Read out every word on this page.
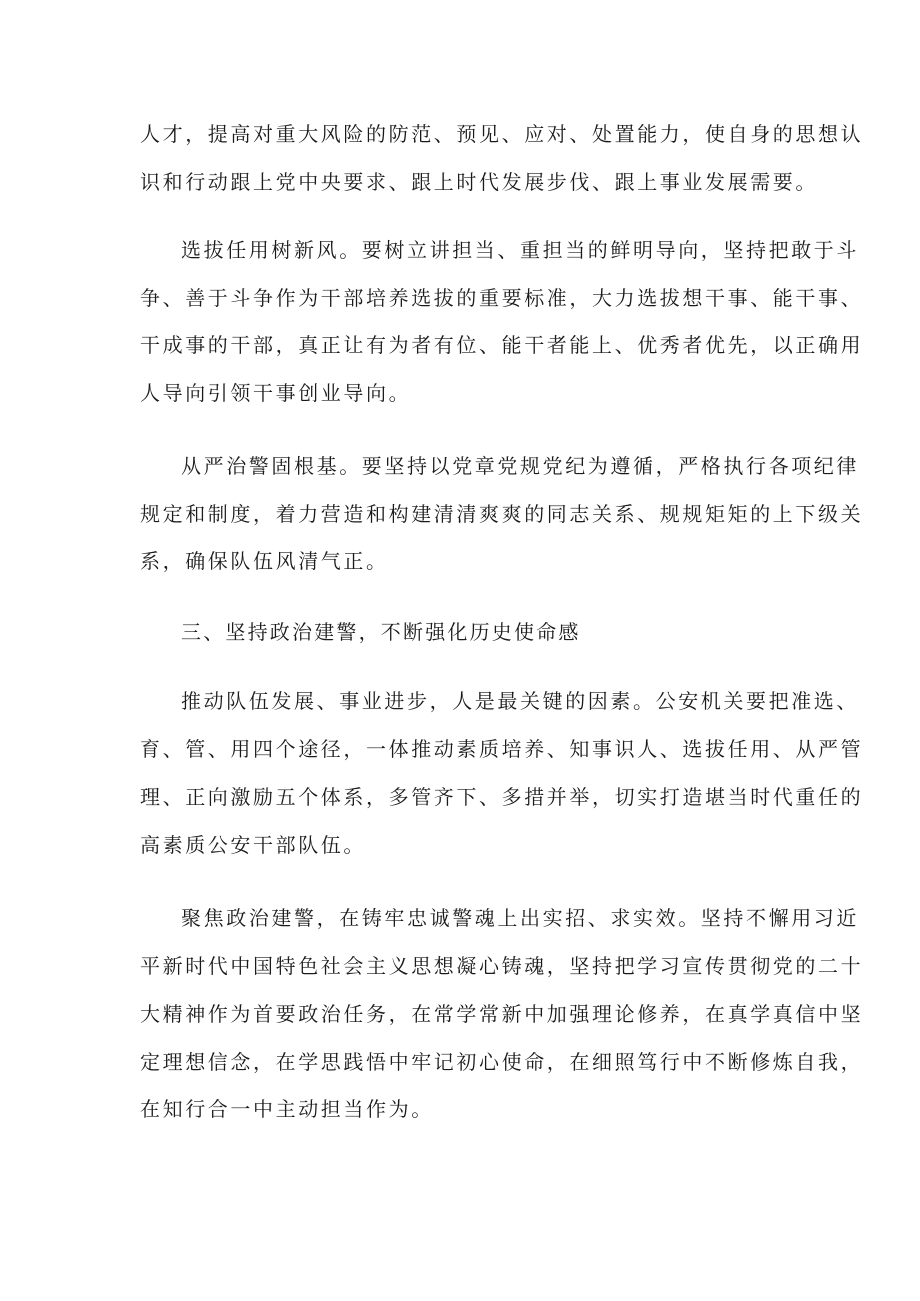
人才，提高对重大风险的防范、预见、应对、处置能力，使自身的思想认

识和行动跟上党中央要求、跟上时代发展步伐、跟上事业发展需要。

选拔任用树新风。要树立讲担当、重担当的鲜明导向，坚持把敢于斗

争、善于斗争作为干部培养选拔的重要标准，大力选拔想干事、能干事、

干成事的干部，真正让有为者有位、能干者能上、优秀者优先，以正确用

人导向引领干事创业导向。

从严治警固根基。要坚持以党章党规党纪为遵循，严格执行各项纪律

规定和制度，着力营造和构建清清爽爽的同志关系、规规矩矩的上下级关

系，确保队伍风清气正。

三、坚持政治建警，不断强化历史使命感

推动队伍发展、事业进步，人是最关键的因素。公安机关要把准选、

育、管、用四个途径，一体推动素质培养、知事识人、选拔任用、从严管

理、正向激励五个体系，多管齐下、多措并举，切实打造堪当时代重任的

高素质公安干部队伍。

聚焦政治建警，在铸牢忠诚警魂上出实招、求实效。坚持不懈用习近

平新时代中国特色社会主义思想凝心铸魂，坚持把学习宣传贯彻党的二十

大精神作为首要政治任务，在常学常新中加强理论修养，在真学真信中坚

定理想信念，在学思践悟中牢记初心使命，在细照笃行中不断修炼自我，

在知行合一中主动担当作为。
